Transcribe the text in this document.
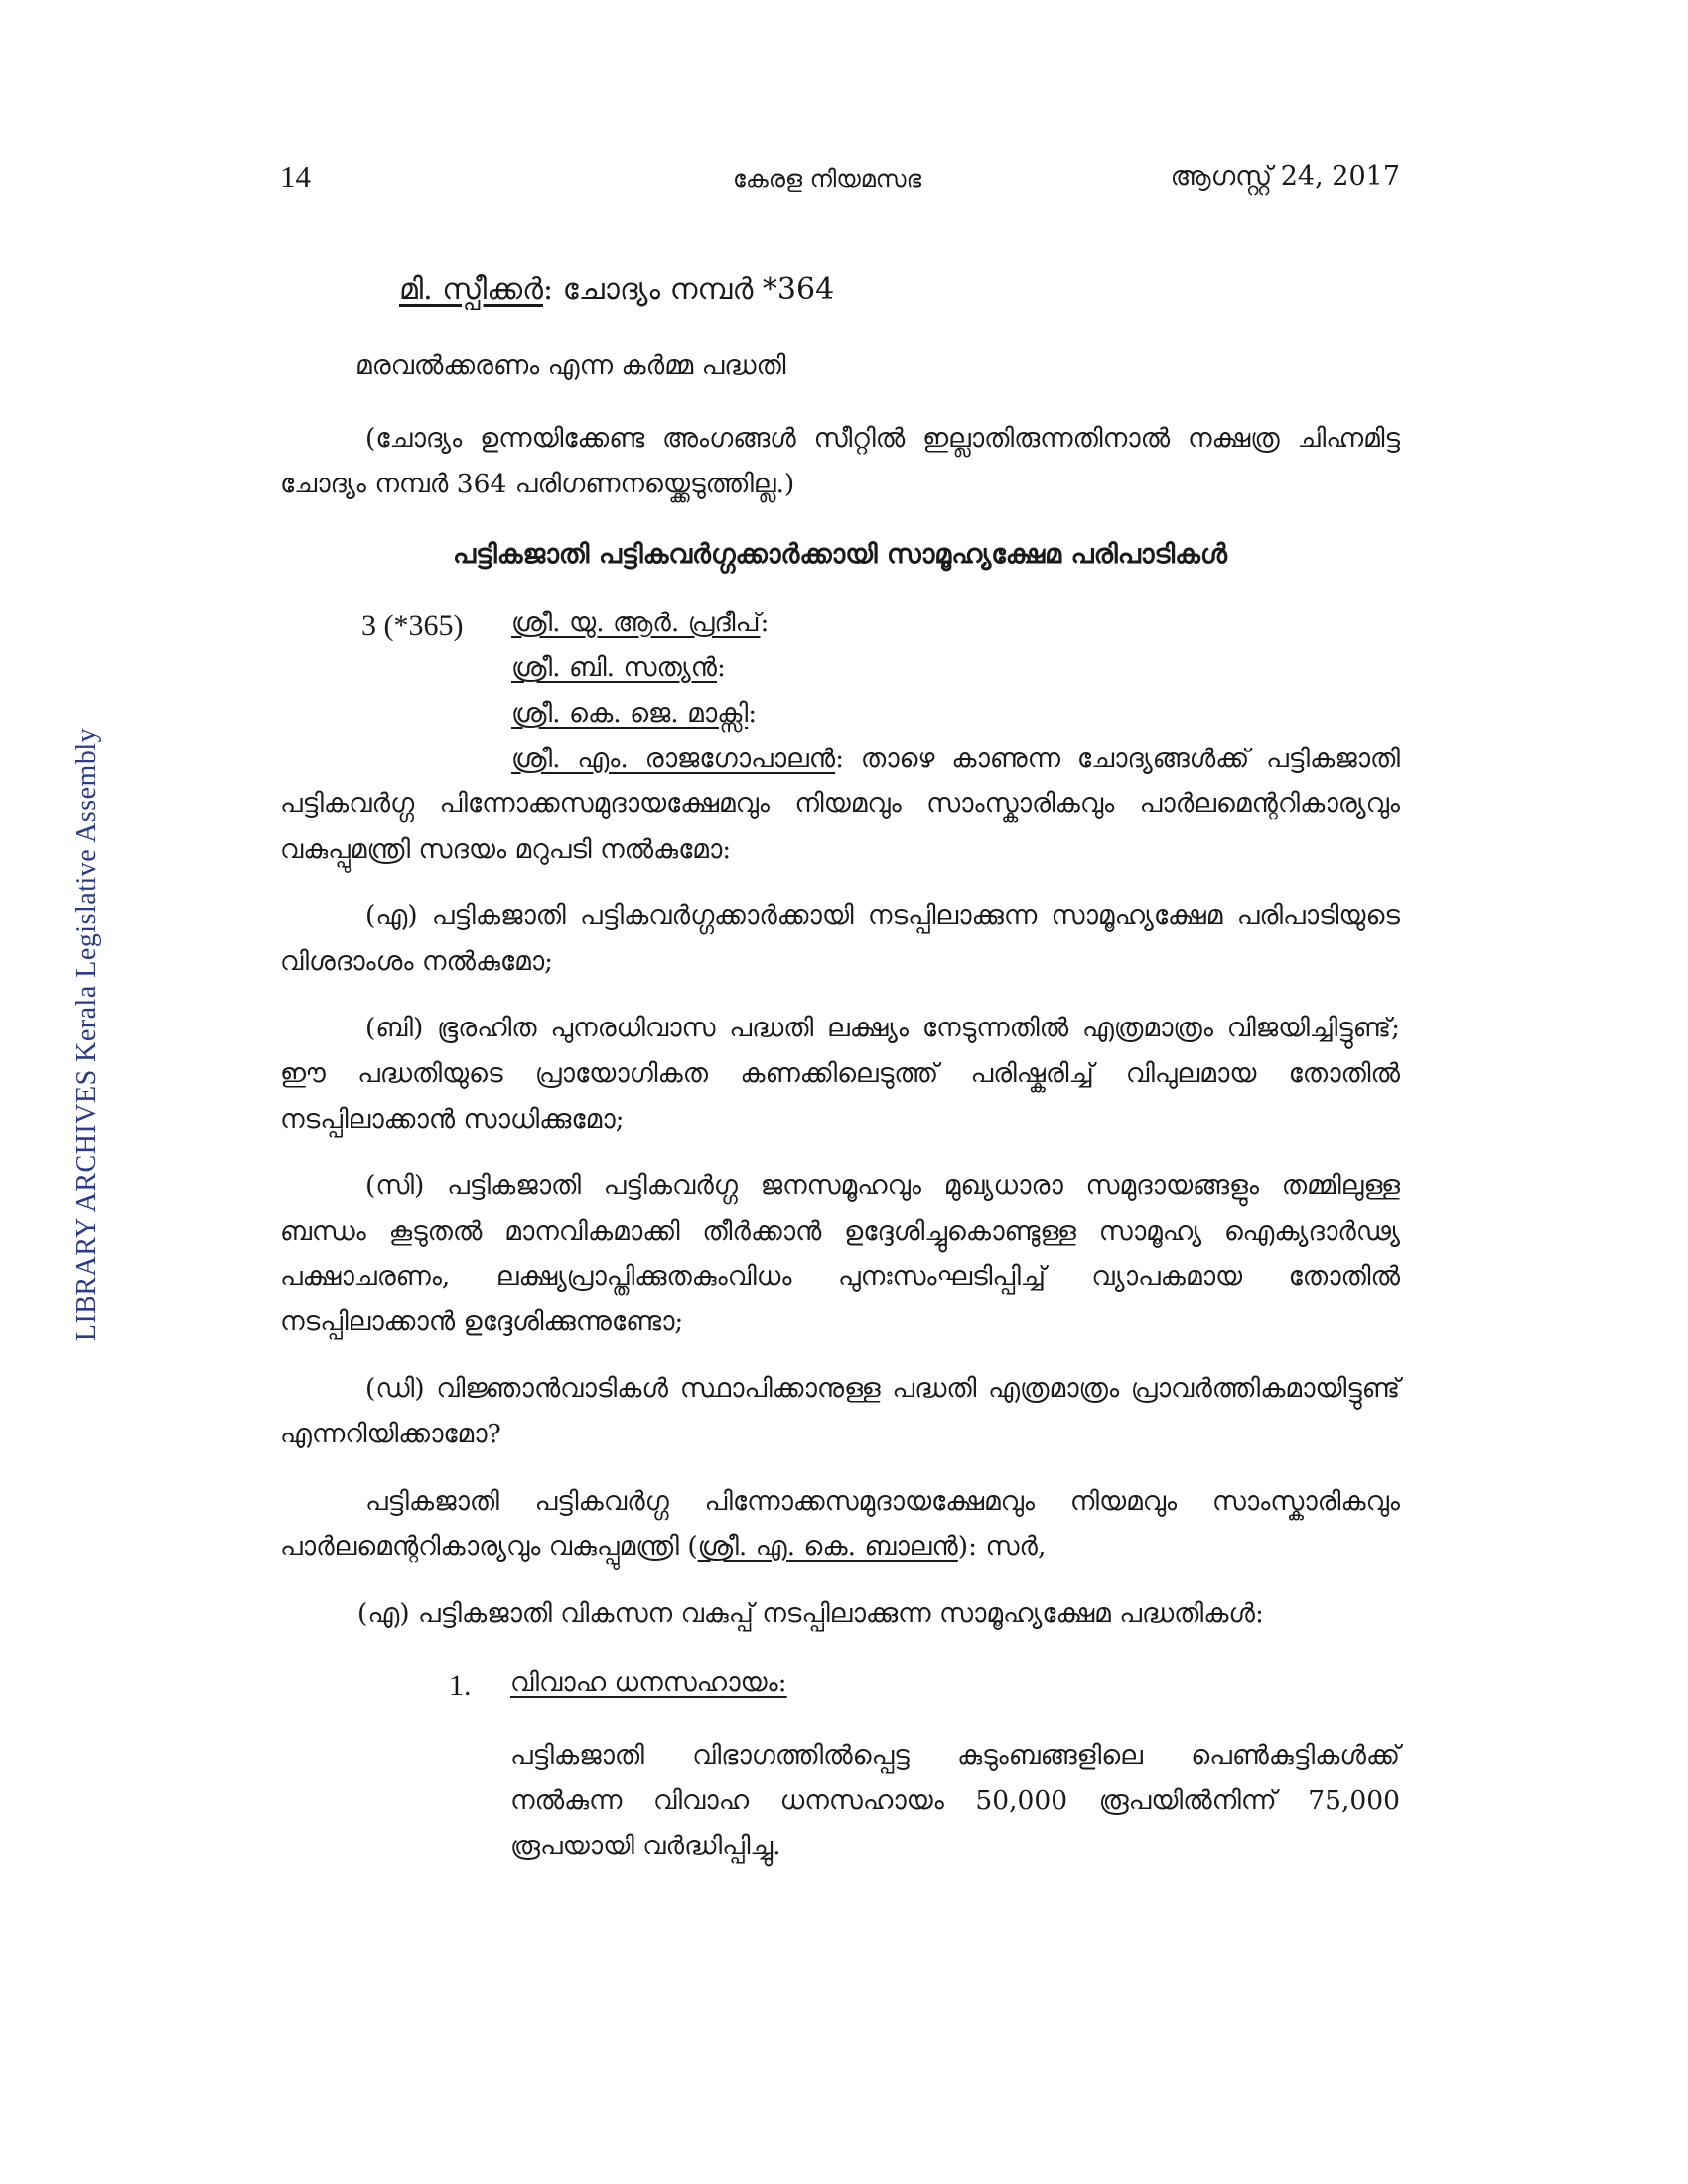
LIBRARY ARCHIVES Kerala Legislative Assembly
14	കേരള നിയമസഭ	ആഗസ്റ്റ് 24, 2017

മി. സ്പീക്കർ: ചോദ്യം നമ്പർ *364

മരവൽക്കരണം എന്ന കർമ്മ പദ്ധതി

(ചോദ്യം ഉന്നയിക്കേണ്ട അംഗങ്ങൾ സീറ്റിൽ ഇല്ലാതിരുന്നതിനാൽ നക്ഷത്ര ചിഹ്നമിട്ട ചോദ്യം നമ്പർ 364 പരിഗണനയ്ക്കെടുത്തില്ല.)

പട്ടികജാതി പട്ടികവർഗ്ഗക്കാർക്കായി സാമൂഹ്യക്ഷേമ പരിപാടികൾ

3 (*365)	ശ്രീ. യു. ആർ. പ്രദീപ്:

ശ്രീ. ബി. സത്യൻ:

ശ്രീ. കെ. ജെ. മാക്സി:

ശ്രീ. എം. രാജഗോപാലൻ: താഴെ കാണുന്ന ചോദ്യങ്ങൾക്ക് പട്ടികജാതി പട്ടികവർഗ്ഗ പിന്നോക്കസമുദായക്ഷേമവും നിയമവും സാംസ്കാരികവും പാർലമെന്ററികാര്യവും വകുപ്പുമന്ത്രി സദയം മറുപടി നൽകുമോ:

(എ) പട്ടികജാതി പട്ടികവർഗ്ഗക്കാർക്കായി നടപ്പിലാക്കുന്ന സാമൂഹ്യക്ഷേമ പരിപാടിയുടെ വിശദാംശം നൽകുമോ;

(ബി) ഭൂരഹിത പുനരധിവാസ പദ്ധതി ലക്ഷ്യം നേടുന്നതിൽ എത്രമാത്രം വിജയിച്ചിട്ടുണ്ട്; ഈ പദ്ധതിയുടെ പ്രായോഗികത കണക്കിലെടുത്ത് പരിഷ്കരിച്ച് വിപുലമായ തോതിൽ നടപ്പിലാക്കാൻ സാധിക്കുമോ;

(സി) പട്ടികജാതി പട്ടികവർഗ്ഗ ജനസമൂഹവും മുഖ്യധാരാ സമുദായങ്ങളും തമ്മിലുള്ള ബന്ധം കൂടുതൽ മാനവികമാക്കി തീർക്കാൻ ഉദ്ദേശിച്ചുകൊണ്ടുള്ള സാമൂഹ്യ ഐക്യദാർഢ്യ പക്ഷാചരണം, ലക്ഷ്യപ്രാപ്തിക്കുതകുംവിധം പുനഃസംഘടിപ്പിച്ച് വ്യാപകമായ തോതിൽ നടപ്പിലാക്കാൻ ഉദ്ദേശിക്കുന്നുണ്ടോ;

(ഡി) വിജ്ഞാൻവാടികൾ സ്ഥാപിക്കാനുള്ള പദ്ധതി എത്രമാത്രം പ്രാവർത്തികമായിട്ടുണ്ട് എന്നറിയിക്കാമോ?

പട്ടികജാതി പട്ടികവർഗ്ഗ പിന്നോക്കസമുദായക്ഷേമവും നിയമവും സാംസ്കാരികവും പാർലമെന്ററികാര്യവും വകുപ്പുമന്ത്രി (ശ്രീ. എ. കെ. ബാലൻ): സർ,

(എ) പട്ടികജാതി വികസന വകുപ്പ് നടപ്പിലാക്കുന്ന സാമൂഹ്യക്ഷേമ പദ്ധതികൾ:

1. വിവാഹ ധനസഹായം:

പട്ടികജാതി വിഭാഗത്തിൽപ്പെട്ട കുടുംബങ്ങളിലെ പെൺകുട്ടികൾക്ക് നൽകുന്ന വിവാഹ ധനസഹായം 50,000 രൂപയിൽനിന്ന് 75,000 രൂപയായി വർദ്ധിപ്പിച്ചു.
